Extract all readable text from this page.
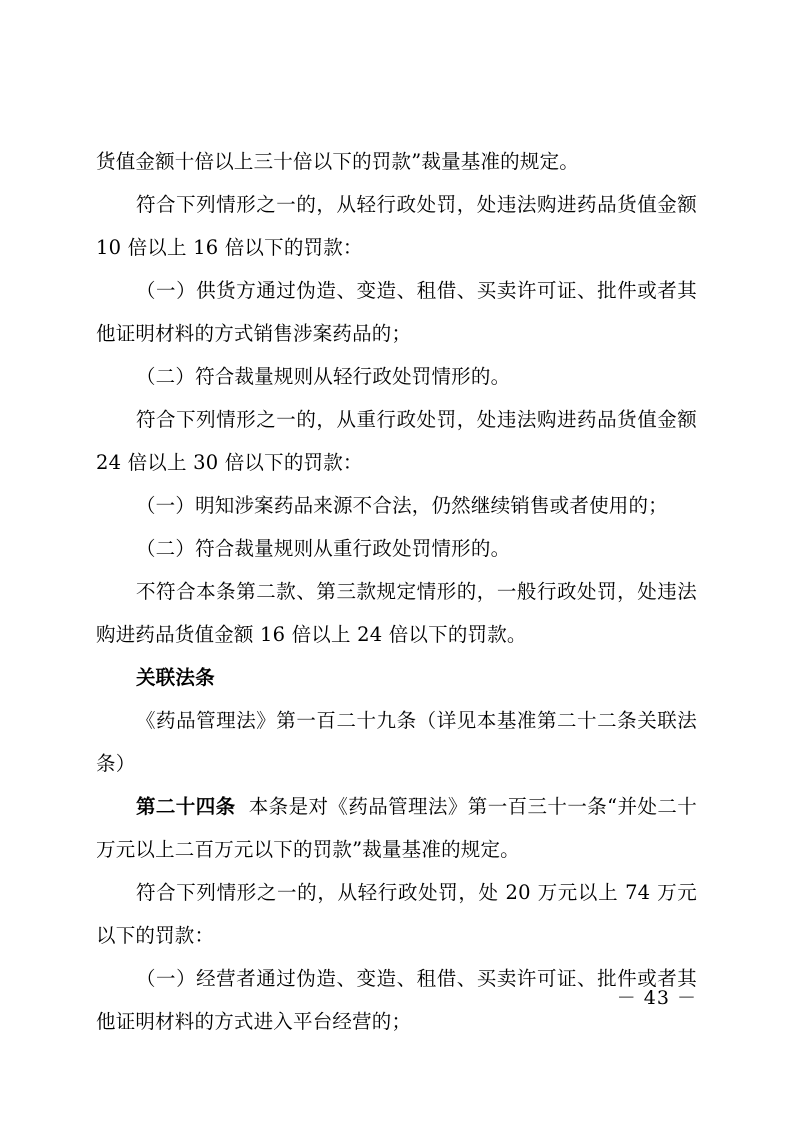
货值金额十倍以上三十倍以下的罚款”裁量基准的规定。

符合下列情形之一的，从轻行政处罚，处违法购进药品货值金额 10 倍以上 16 倍以下的罚款：

（一）供货方通过伪造、变造、租借、买卖许可证、批件或者其他证明材料的方式销售涉案药品的；

（二）符合裁量规则从轻行政处罚情形的。

符合下列情形之一的，从重行政处罚，处违法购进药品货值金额 24 倍以上 30 倍以下的罚款：

（一）明知涉案药品来源不合法，仍然继续销售或者使用的；

（二）符合裁量规则从重行政处罚情形的。

不符合本条第二款、第三款规定情形的，一般行政处罚，处违法购进药品货值金额 16 倍以上 24 倍以下的罚款。

关联法条

《药品管理法》第一百二十九条（详见本基准第二十二条关联法条）

第二十四条 本条是对《药品管理法》第一百三十一条“并处二十万元以上二百万元以下的罚款”裁量基准的规定。

符合下列情形之一的，从轻行政处罚，处 20 万元以上 74 万元以下的罚款：

（一）经营者通过伪造、变造、租借、买卖许可证、批件或者其他证明材料的方式进入平台经营的；

－ 43 －
